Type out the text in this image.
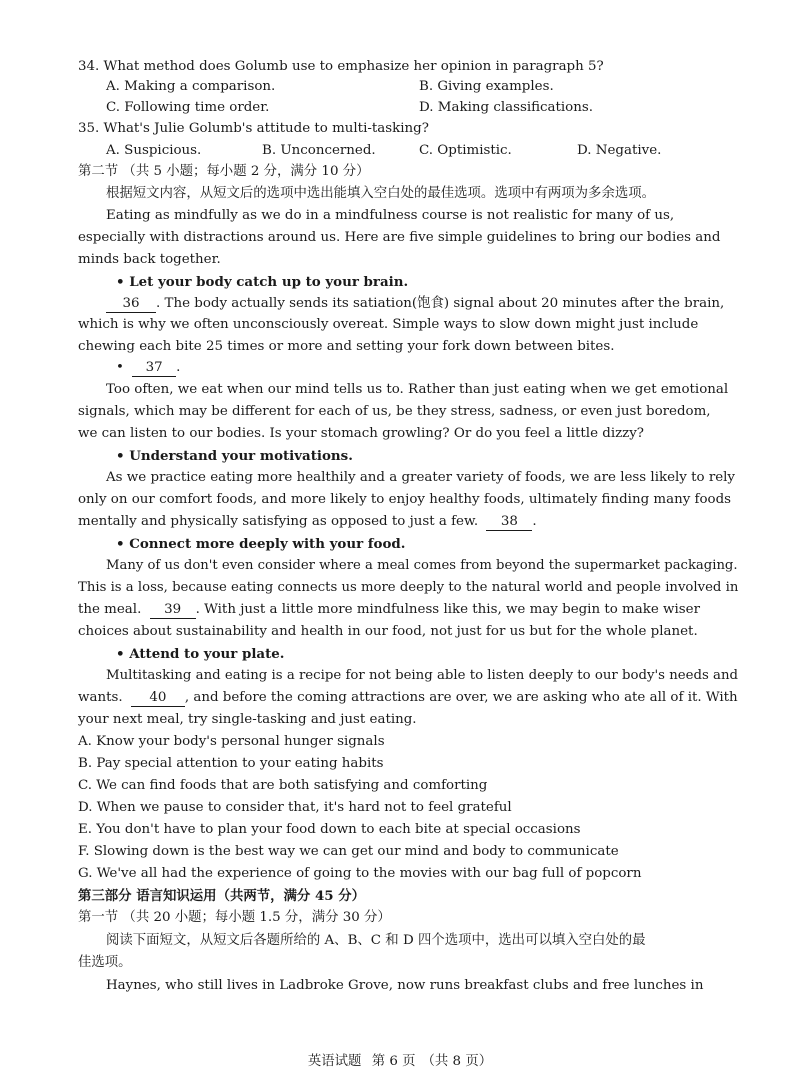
34. What method does Golumb use to emphasize her opinion in paragraph 5?
A. Making a comparison.	B. Giving examples.
C. Following time order.	D. Making classifications.
35. What's Julie Golumb's attitude to multi-tasking?
A. Suspicious.	B. Unconcerned.	C. Optimistic.	D. Negative.
第二节 （共 5 小题；每小题 2 分，满分 10 分）
根据短文内容，从短文后的选项中选出能填入空白处的最佳选项。选项中有两项为多余选项。
Eating as mindfully as we do in a mindfulness course is not realistic for many of us,
especially with distractions around us. Here are five simple guidelines to bring our bodies and
minds back together.
• Let your body catch up to your brain.
36 . The body actually sends its satiation(饱食) signal about 20 minutes after the brain,
which is why we often unconsciously overeat. Simple ways to slow down might just include
chewing each bite 25 times or more and setting your fork down between bites.
• 37 .
Too often, we eat when our mind tells us to. Rather than just eating when we get emotional
signals, which may be different for each of us, be they stress, sadness, or even just boredom,
we can listen to our bodies. Is your stomach growling? Or do you feel a little dizzy?
• Understand your motivations.
As we practice eating more healthily and a greater variety of foods, we are less likely to rely
only on our comfort foods, and more likely to enjoy healthy foods, ultimately finding many foods
mentally and physically satisfying as opposed to just a few. 38 .
• Connect more deeply with your food.
Many of us don't even consider where a meal comes from beyond the supermarket packaging.
This is a loss, because eating connects us more deeply to the natural world and people involved in
the meal. 39 . With just a little more mindfulness like this, we may begin to make wiser
choices about sustainability and health in our food, not just for us but for the whole planet.
• Attend to your plate.
Multitasking and eating is a recipe for not being able to listen deeply to our body's needs and
wants. 40 , and before the coming attractions are over, we are asking who ate all of it. With
your next meal, try single-tasking and just eating.
A. Know your body's personal hunger signals
B. Pay special attention to your eating habits
C. We can find foods that are both satisfying and comforting
D. When we pause to consider that, it's hard not to feel grateful
E. You don't have to plan your food down to each bite at special occasions
F. Slowing down is the best way we can get our mind and body to communicate
G. We've all had the experience of going to the movies with our bag full of popcorn
第三部分 语言知识运用（共两节，满分 45 分）
第一节 （共 20 小题；每小题 1.5 分，满分 30 分）
阅读下面短文，从短文后各题所给的 A、B、C 和 D 四个选项中，选出可以填入空白处的最
佳选项。
Haynes, who still lives in Ladbroke Grove, now runs breakfast clubs and free lunches in
英语试题 第 6 页 （共 8 页）
